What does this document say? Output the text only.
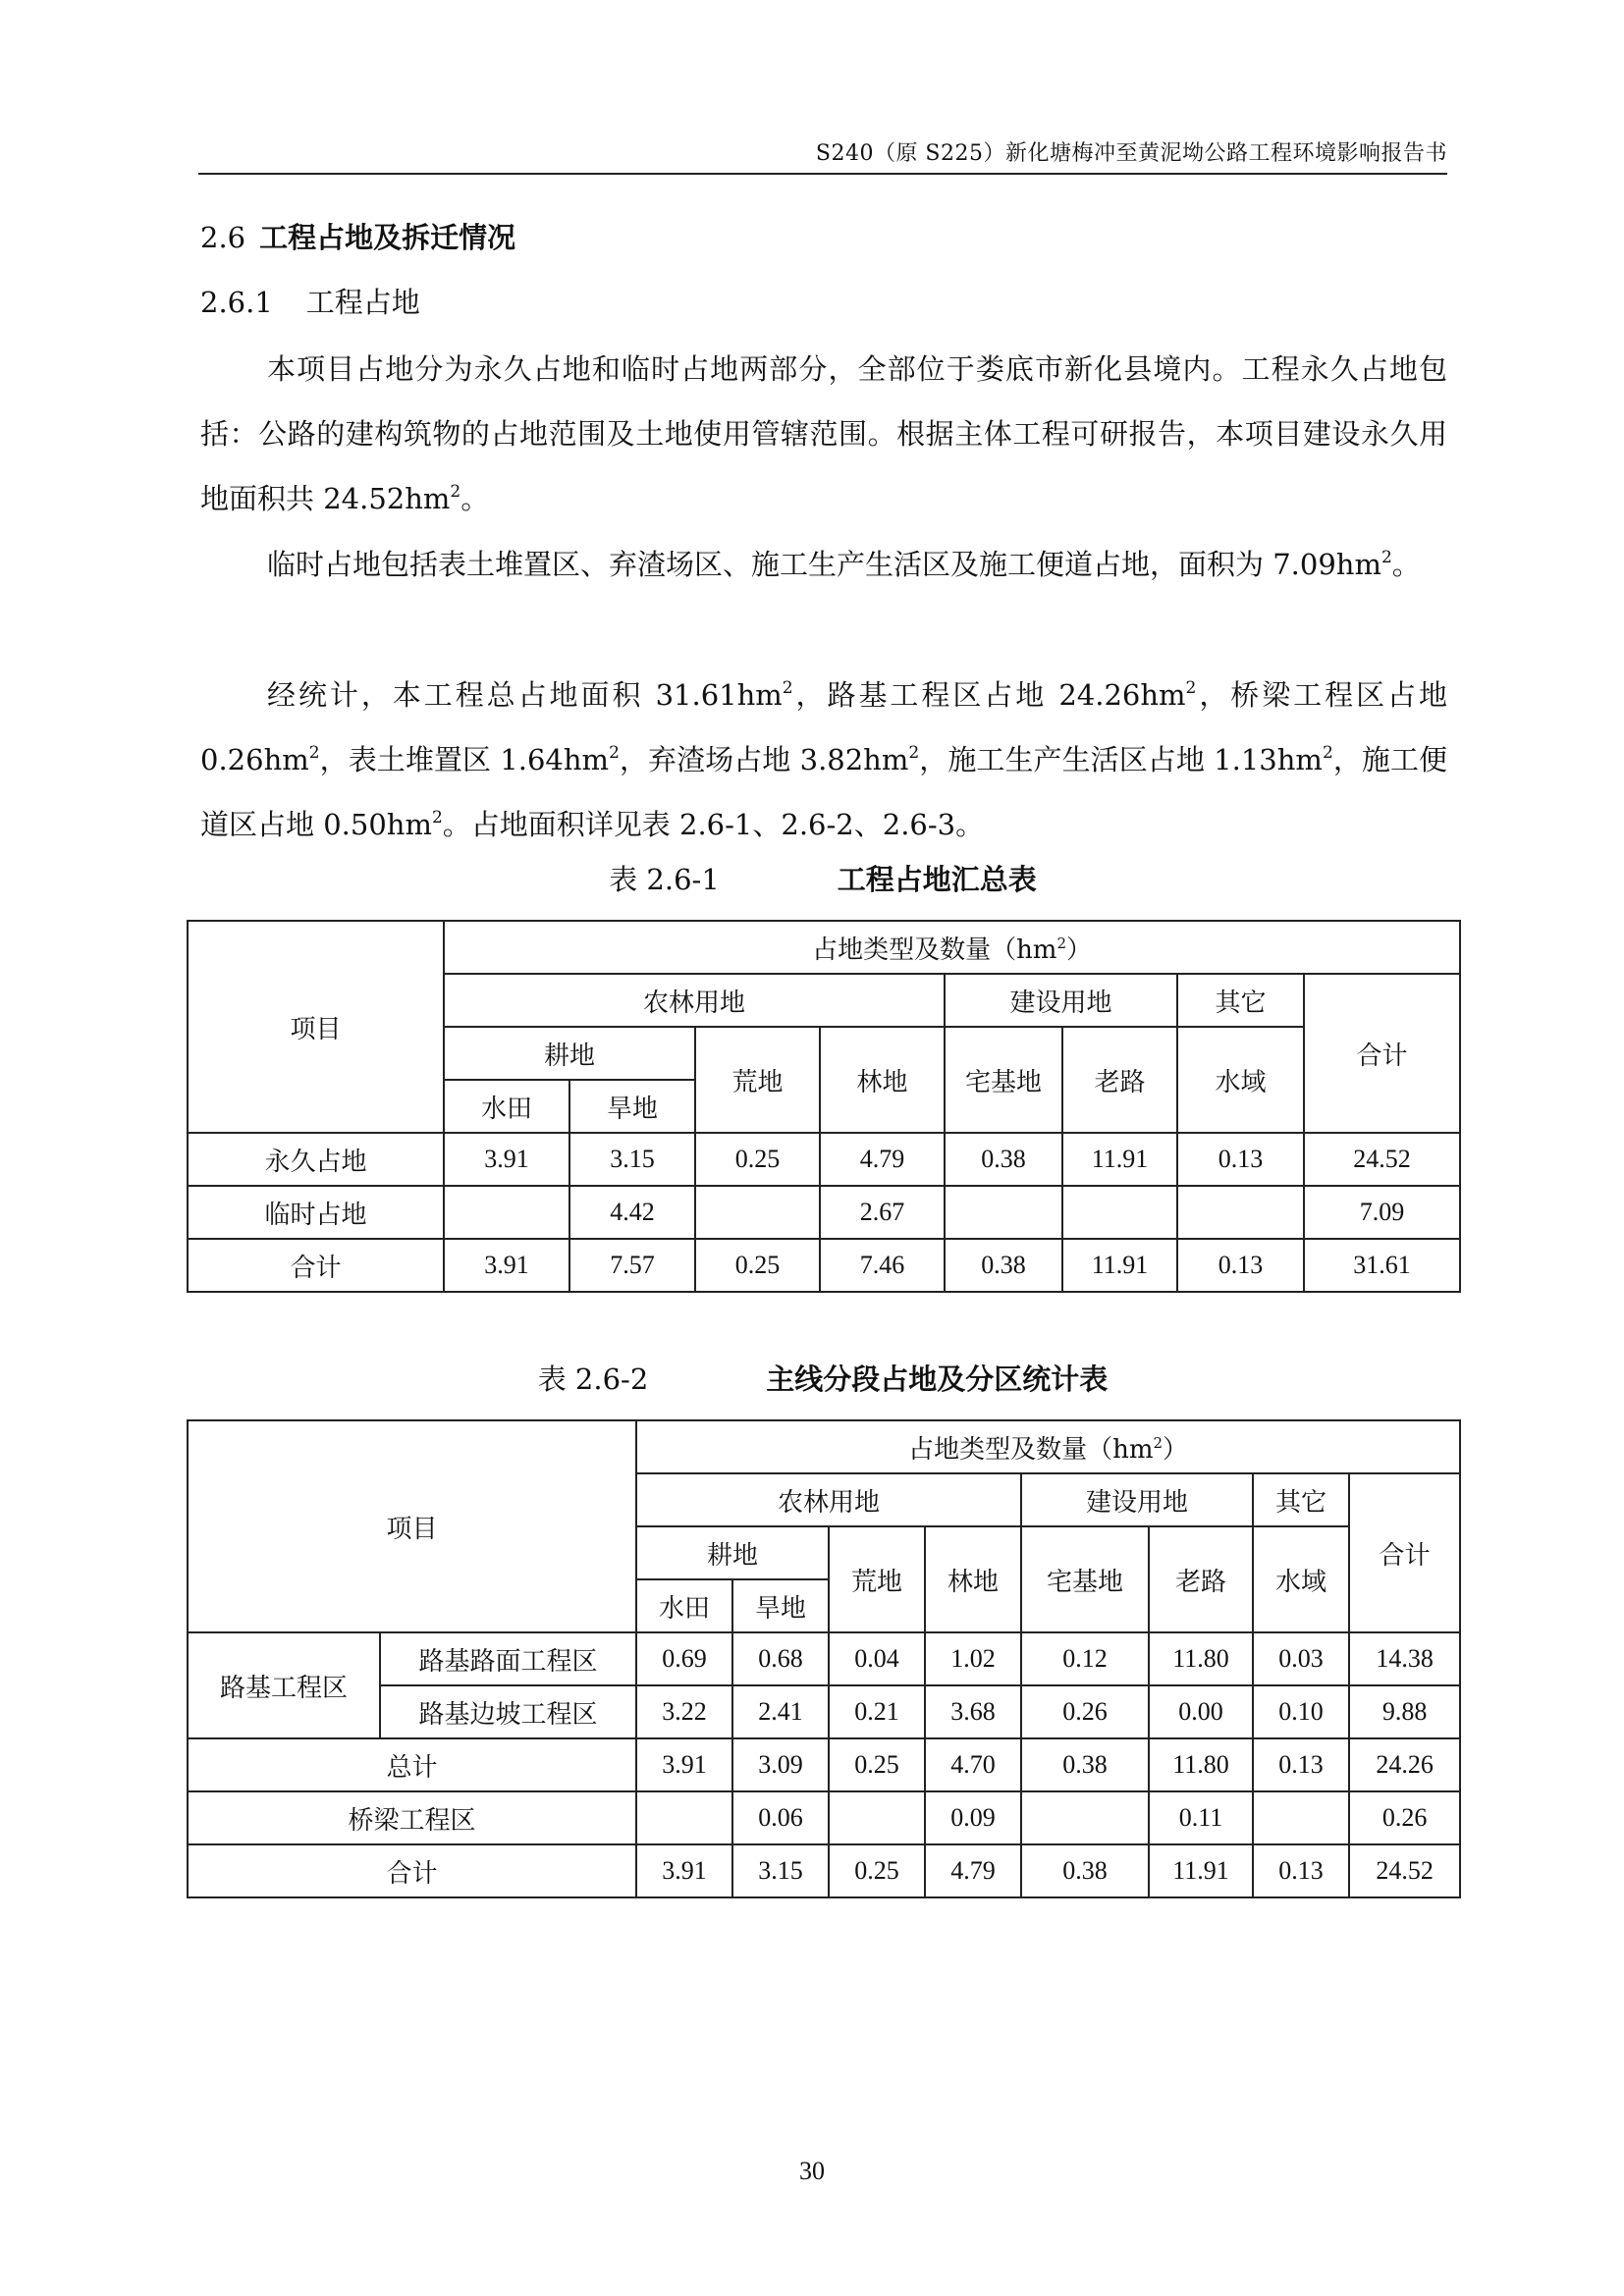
S240（原 S225）新化塘梅冲至黄泥坳公路工程环境影响报告书
2.6 工程占地及拆迁情况
2.6.1 工程占地

本项目占地分为永久占地和临时占地两部分，全部位于娄底市新化县境内。工程永久占地包括：公路的建构筑物的占地范围及土地使用管辖范围。根据主体工程可研报告，本项目建设永久用地面积共 $24.52hm^2$。

临时占地包括表土堆置区、弃渣场区、施工生产生活区及施工便道占地，面积为 $7.09hm^2$。

经统计，本工程总占地面积 $31.61hm^2$，路基工程区占地 $24.26hm^2$，桥梁工程区占地 $0.26hm^2$，表土堆置区 $1.64hm^2$，弃渣场占地 $3.82hm^2$，施工生产生活区占地 $1.13hm^2$，施工便道区占地 $0.50hm^2$。占地面积详见表 2.6-1、2.6-2、2.6-3。

表 2.6-1	工程占地汇总表
项目	占地类型及数量$(hm^2)$							
	农林用地				建设用地		其它	合计
	耕地		荒地	林地	宅基地	老路	水域	
	水田	旱地						
永久占地	3.91	3.15	0.25	4.79	0.38	11.91	0.13	24.52
临时占地		4.42		2.67				7.09
合计	3.91	7.57	0.25	7.46	0.38	11.91	0.13	31.61
表 2.6-2	主线分段占地及分区统计表
项目		占地类型及数量$(hm^2)$							
		农林用地				建设用地		其它	合计
		耕地		荒地	林地	宅基地	老路	水域	
		水田	旱地						
路基工程区	路基路面工程区	0.69	0.68	0.04	1.02	0.12	11.80	0.03	14.38
	路基边坡工程区	3.22	2.41	0.21	3.68	0.26	0.00	0.10	9.88
总计		3.91	3.09	0.25	4.70	0.38	11.80	0.13	24.26
桥梁工程区			0.06		0.09		0.11		0.26
合计		3.91	3.15	0.25	4.79	0.38	11.91	0.13	24.52
30
